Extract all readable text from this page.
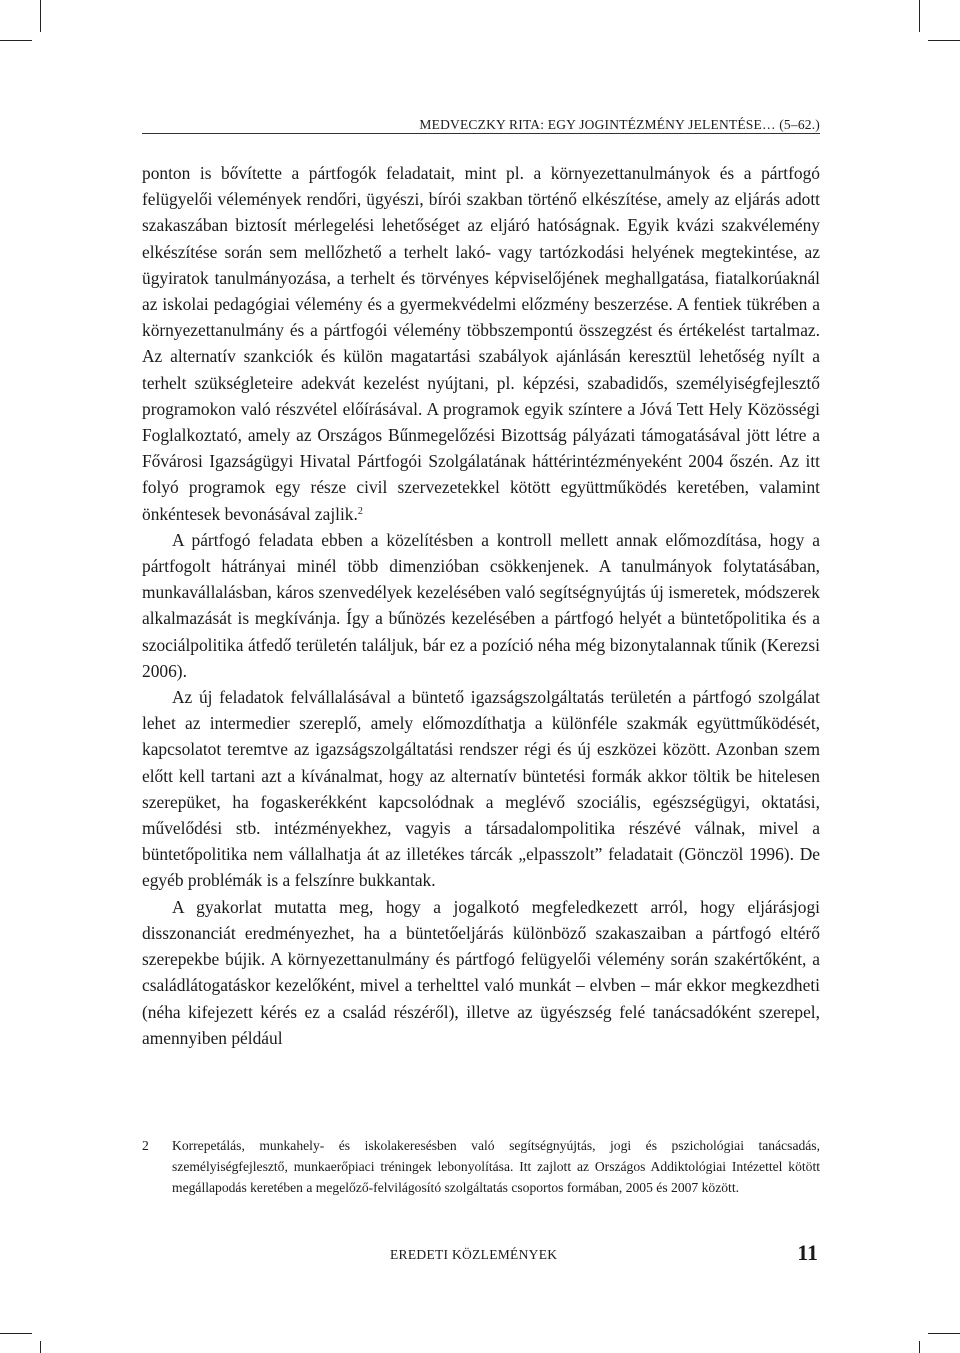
MEDVECZKY RITA: EGY JOGINTÉZMÉNY JELENTÉSE… (5–62.)

ponton is bővítette a pártfogók feladatait, mint pl. a környezettanulmányok és a pártfogó felügyelői vélemények rendőri, ügyészi, bírói szakban történő elkészítése, amely az eljárás adott szakaszában biztosít mérlegelési lehetőséget az eljáró hatóságnak. Egyik kvázi szakvélemény elkészítése során sem mellőzhető a terhelt lakó- vagy tartózkodási helyének megtekintése, az ügyiratok tanulmányozása, a terhelt és törvényes képviselőjének meghallgatása, fiatalkorúaknál az iskolai pedagógiai vélemény és a gyermekvédelmi előzmény beszerzése. A fentiek tükrében a környezettanulmány és a pártfogói vélemény többszempontú összegzést és értékelést tartalmaz. Az alternatív szankciók és külön magatartási szabályok ajánlásán keresztül lehetőség nyílt a terhelt szükségleteire adekvát kezelést nyújtani, pl. képzési, szabadidős, személyiségfejlesztő programokon való részvétel előírásával. A programok egyik színtere a Jóvá Tett Hely Közösségi Foglalkoztató, amely az Országos Bűnmegelőzési Bizottság pályázati támogatásával jött létre a Fővárosi Igazságügyi Hivatal Pártfogói Szolgálatának háttérintézményeként 2004 őszén. Az itt folyó programok egy része civil szervezetekkel kötött együttműködés keretében, valamint önkéntesek bevonásával zajlik.$^2$

A pártfogó feladata ebben a közelítésben a kontroll mellett annak előmozdítása, hogy a pártfogolt hátrányai minél több dimenzióban csökkenjenek. A tanulmányok folytatásában, munkavállalásban, káros szenvedélyek kezelésében való segítségnyújtás új ismeretek, módszerek alkalmazását is megkívánja. Így a bűnözés kezelésében a pártfogó helyét a büntetőpolitika és a szociálpolitika átfedő területén találjuk, bár ez a pozíció néha még bizonytalannak tűnik (Kerezsi 2006).

Az új feladatok felvállalásával a büntető igazságszolgáltatás területén a pártfogó szolgálat lehet az intermedier szereplő, amely előmozdíthatja a különféle szakmák együttműködését, kapcsolatot teremtve az igazságszolgáltatási rendszer régi és új eszközei között. Azonban szem előtt kell tartani azt a kívánalmat, hogy az alternatív büntetési formák akkor töltik be hitelesen szerepüket, ha fogaskerékként kapcsolódnak a meglévő szociális, egészségügyi, oktatási, művelődési stb. intézményekhez, vagyis a társadalompolitika részévé válnak, mivel a büntetőpolitika nem vállalhatja át az illetékes tárcák „elpasszolt” feladatait (Gönczöl 1996). De egyéb problémák is a felszínre bukkantak.

A gyakorlat mutatta meg, hogy a jogalkotó megfeledkezett arról, hogy eljárásjogi disszonanciát eredményezhet, ha a büntetőeljárás különböző szakaszaiban a pártfogó eltérő szerepekbe bújik. A környezettanulmány és pártfogó felügyelői vélemény során szakértőként, a családlátogatáskor kezelőként, mivel a terhelttel való munkát – elvben – már ekkor megkezdheti (néha kifejezett kérés ez a család részéről), illetve az ügyészség felé tanácsadóként szerepel, amennyiben például

2 Korrepetálás, munkahely- és iskolakeresésben való segítségnyújtás, jogi és pszichológiai tanácsadás, személyiségfejlesztő, munkaerőpiaci tréningek lebonyolítása. Itt zajlott az Országos Addiktológiai Intézettel kötött megállapodás keretében a megelőző-felvilágosító szolgáltatás csoportos formában, 2005 és 2007 között.
EREDETI KÖZLEMÉNYEK	11
